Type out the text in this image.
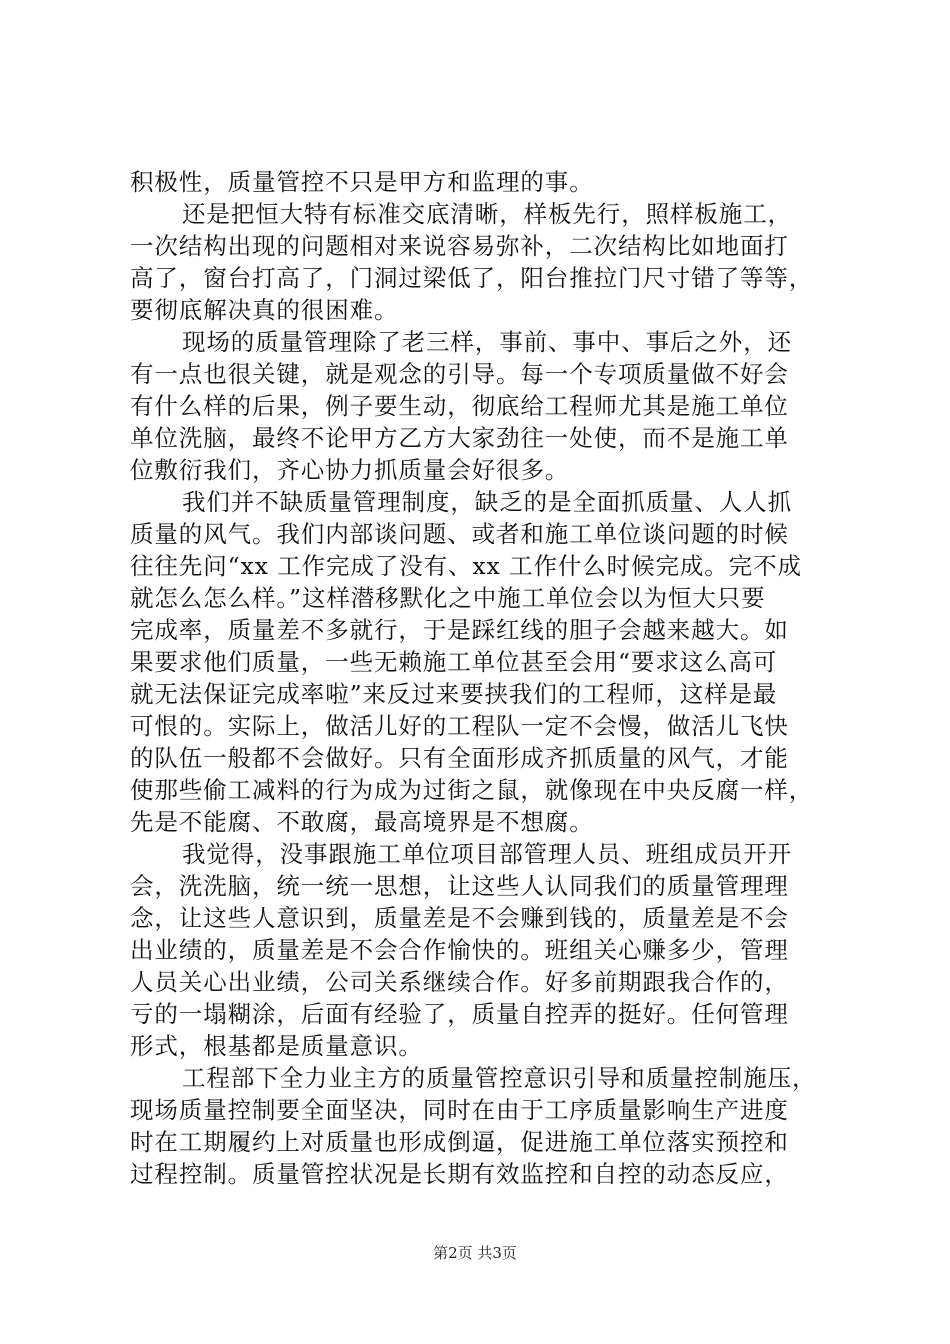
积极性，质量管控不只是甲方和监理的事。
还是把恒大特有标准交底清晰，样板先行，照样板施工，
一次结构出现的问题相对来说容易弥补，二次结构比如地面打
高了，窗台打高了，门洞过梁低了，阳台推拉门尺寸错了等等，
要彻底解决真的很困难。
现场的质量管理除了老三样，事前、事中、事后之外，还
有一点也很关键，就是观念的引导。每一个专项质量做不好会
有什么样的后果，例子要生动，彻底给工程师尤其是施工单位
单位洗脑，最终不论甲方乙方大家劲往一处使，而不是施工单
位敷衍我们，齐心协力抓质量会好很多。
我们并不缺质量管理制度，缺乏的是全面抓质量、人人抓
质量的风气。我们内部谈问题、或者和施工单位谈问题的时候
往往先问“xx 工作完成了没有、xx 工作什么时候完成。完不成
就怎么怎么样。”这样潜移默化之中施工单位会以为恒大只要
完成率，质量差不多就行，于是踩红线的胆子会越来越大。如
果要求他们质量，一些无赖施工单位甚至会用“要求这么高可
就无法保证完成率啦”来反过来要挟我们的工程师，这样是最
可恨的。实际上，做活儿好的工程队一定不会慢，做活儿飞快
的队伍一般都不会做好。只有全面形成齐抓质量的风气，才能
使那些偷工减料的行为成为过街之鼠，就像现在中央反腐一样，
先是不能腐、不敢腐，最高境界是不想腐。
我觉得，没事跟施工单位项目部管理人员、班组成员开开
会，洗洗脑，统一统一思想，让这些人认同我们的质量管理理
念，让这些人意识到，质量差是不会赚到钱的，质量差是不会
出业绩的，质量差是不会合作愉快的。班组关心赚多少，管理
人员关心出业绩，公司关系继续合作。好多前期跟我合作的，
亏的一塌糊涂，后面有经验了，质量自控弄的挺好。任何管理
形式，根基都是质量意识。
工程部下全力业主方的质量管控意识引导和质量控制施压，
现场质量控制要全面坚决，同时在由于工序质量影响生产进度
时在工期履约上对质量也形成倒逼，促进施工单位落实预控和
过程控制。质量管控状况是长期有效监控和自控的动态反应，
第2页 共3页
